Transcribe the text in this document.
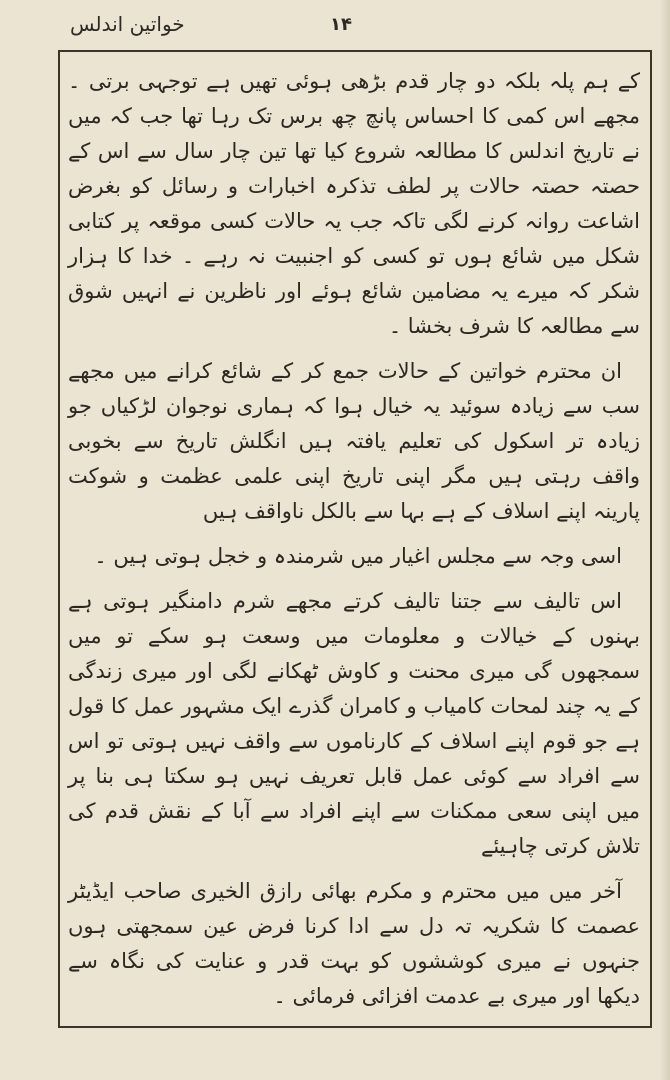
خواتین اندلس	۱۴

کے ہم پلہ بلکہ دو چار قدم بڑھی ہوئی تھیں ہے توجہی برتی ۔ مجھے اس کمی کا احساس پانچ چھ برس تک رہا تھا جب کہ میں نے تاریخ اندلس کا مطالعہ شروع کیا تھا تین چار سال سے اس کے حصتہ حصتہ حالات پر لطف تذکرہ اخبارات و رسائل کو بغرض اشاعت روانہ کرنے لگی تاکہ جب یہ حالات کسی موقعہ پر کتابی شکل میں شائع ہوں تو کسی کو اجنبیت نہ رہے ۔ خدا کا ہزار شکر کہ میرے یہ مضامین شائع ہوئے اور ناظرین نے انہیں شوق سے مطالعہ کا شرف بخشا ۔

ان محترم خواتین کے حالات جمع کر کے شائع کرانے میں مجھے سب سے زیادہ سوئید یہ خیال ہوا کہ ہماری نوجوان لڑکیاں جو زیادہ تر اسکول کی تعلیم یافتہ ہیں انگلش تاریخ سے بخوبی واقف رہتی ہیں مگر اپنی تاریخ اپنی علمی عظمت و شوکت پارینہ اپنے اسلاف کے ہے بہا سے بالکل ناواقف ہیں

اسی وجہ سے مجلس اغیار میں شرمندہ و خجل ہوتی ہیں ۔

اس تالیف سے جتنا تالیف کرتے مجھے شرم دامنگیر ہوتی ہے بہنوں کے خیالات و معلومات میں وسعت ہو سکے تو میں سمجھوں گی میری محنت و کاوش ٹھکانے لگی اور میری زندگی کے یہ چند لمحات کامیاب و کامران گذرے ایک مشہور عمل کا قول ہے جو قوم اپنے اسلاف کے کارناموں سے واقف نہیں ہوتی تو اس سے افراد سے کوئی عمل قابل تعریف نہیں ہو سکتا ہی بنا پر میں اپنی سعی ممکنات سے اپنے افراد سے آبا کے نقش قدم کی تلاش کرتی چاہیئے

آخر میں میں محترم و مکرم بھائی رازق الخیری صاحب ایڈیٹر عصمت کا شکریہ تہ دل سے ادا کرنا فرض عین سمجھتی ہوں جنہوں نے میری کوششوں کو بہت قدر و عنایت کی نگاہ سے دیکھا اور میری بے عدمت افزائی فرمائی ۔
